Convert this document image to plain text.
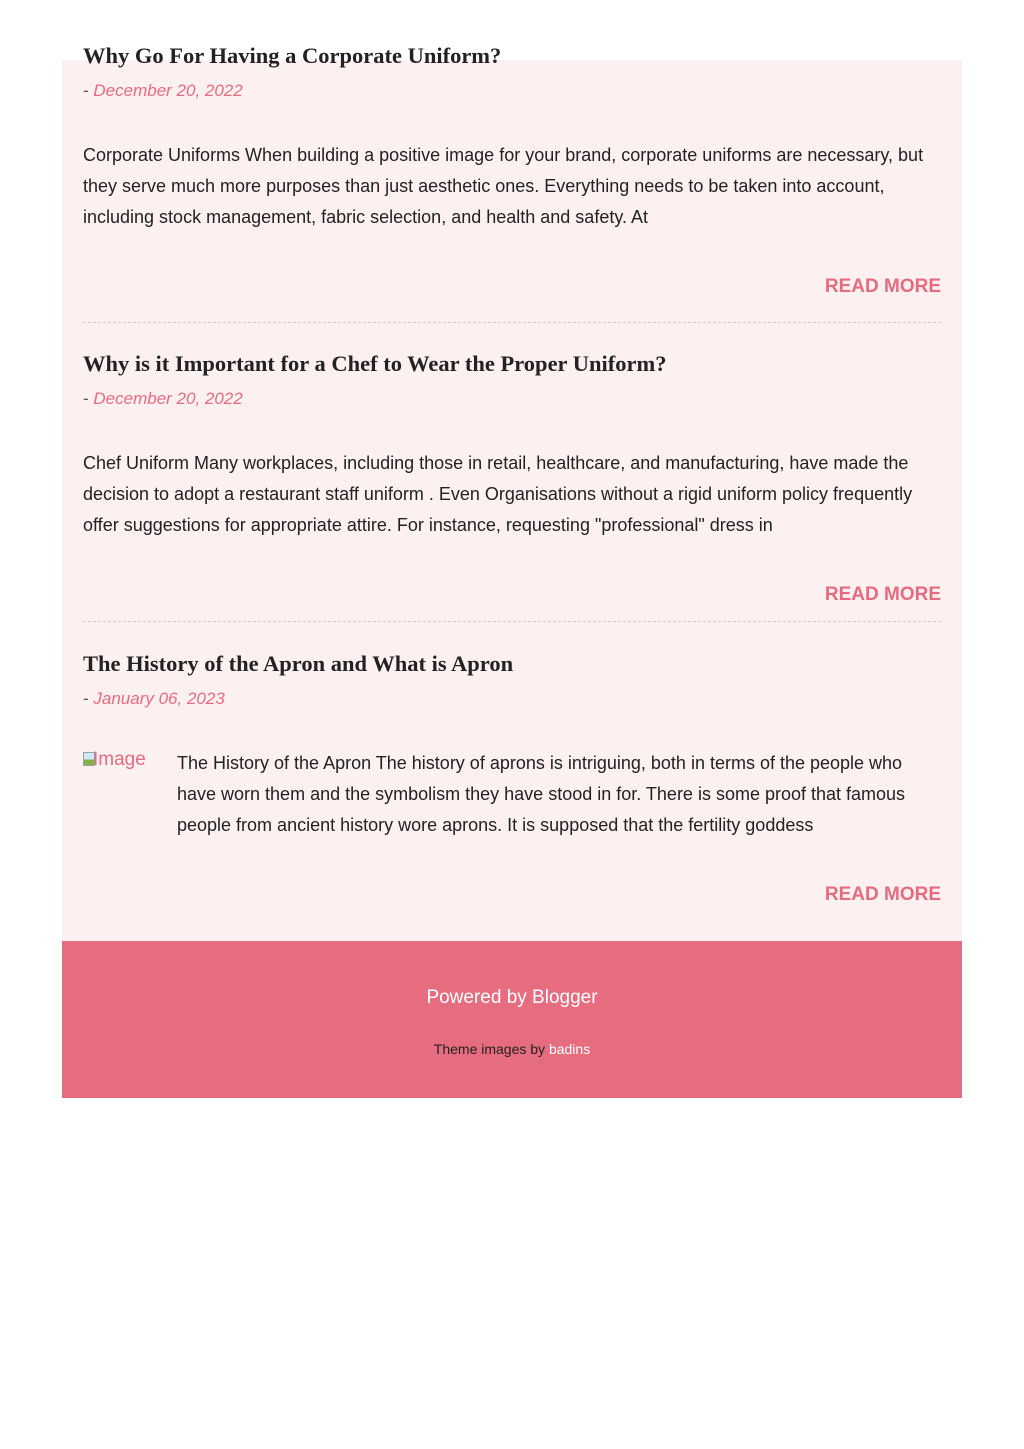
Why Go For Having a Corporate Uniform?
- December 20, 2022

Corporate Uniforms When building a positive image for your brand, corporate uniforms are necessary, but they serve much more purposes than just aesthetic ones. Everything needs to be taken into account, including stock management, fabric selection, and health and safety. At

READ MORE
Why is it Important for a Chef to Wear the Proper Uniform?
- December 20, 2022

Chef Uniform Many workplaces, including those in retail, healthcare, and manufacturing, have made the decision to adopt a restaurant staff uniform . Even Organisations without a rigid uniform policy frequently offer suggestions for appropriate attire. For instance, requesting "professional" dress in

READ MORE
The History of the Apron and What is Apron
- January 06, 2023
Image The History of the Apron The history of aprons is intriguing, both in terms of the people who have worn them and the symbolism they have stood in for. There is some proof that famous people from ancient history wore aprons. It is supposed that the fertility goddess

READ MORE
Powered by Blogger
Theme images by badins
